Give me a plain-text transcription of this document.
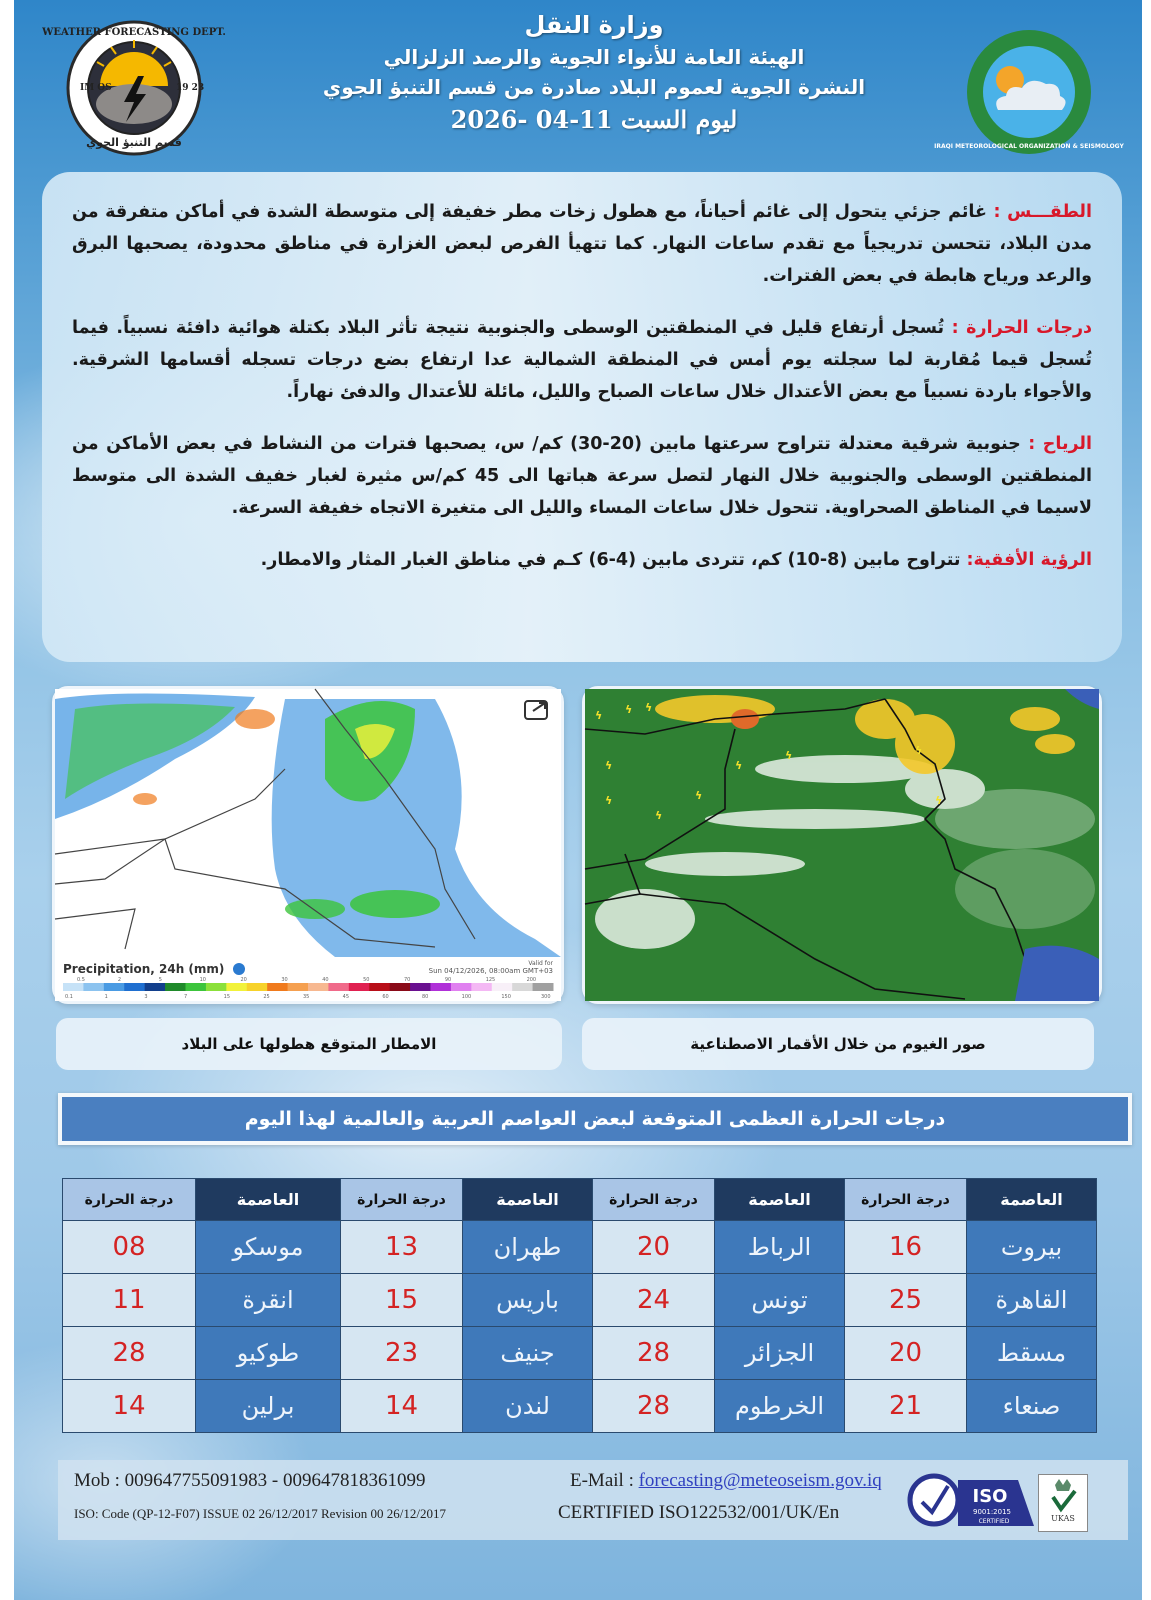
WEATHER FORECASTING DEPT.
IM OS	19 23
قسم التنبؤ الجوي
وزارة النقل
الهيئة العامة للأنواء الجوية والرصد الزلزالي
النشرة الجوية لعموم البلاد صادرة من قسم التنبؤ الجوي
ليوم السبت 11-04 -2026
IRAQI METEOROLOGICAL ORGANIZATION & SEISMOLOGY

الطقـــس : غائم جزئي يتحول إلى غائم أحياناً، مع هطول زخات مطر خفيفة إلى متوسطة الشدة في أماكن متفرقة من مدن البلاد، تتحسن تدريجياً مع تقدم ساعات النهار. كما تتهيأ الفرص لبعض الغزارة في مناطق محدودة، يصحبها البرق والرعد ورياح هابطة في بعض الفترات.

درجات الحرارة : تُسجل أرتفاع قليل في المنطقتين الوسطى والجنوبية نتيجة تأثر البلاد بكتلة هوائية دافئة نسبياً. فيما تُسجل قيما مُقاربة لما سجلته يوم أمس في المنطقة الشمالية عدا ارتفاع بضع درجات تسجله أقسامها الشرقية. والأجواء باردة نسبياً مع بعض الأعتدال خلال ساعات الصباح والليل، مائلة للأعتدال والدفئ نهاراً.

الرياح : جنوبية شرقية معتدلة تتراوح سرعتها مابين (20-30) كم/ س، يصحبها فترات من النشاط في بعض الأماكن من المنطقتين الوسطى والجنوبية خلال النهار لتصل سرعة هباتها الى 45 كم/س مثيرة لغبار خفيف الشدة الى متوسط لاسيما في المناطق الصحراوية. تتحول خلال ساعات المساء والليل الى متغيرة الاتجاه خفيفة السرعة.

الرؤية الأفقية: تتراوح مابين (8-10) كم، تتردى مابين (4-6) كـم في مناطق الغبار المثار والامطار.

Precipitation, 24h (mm)	Valid for
Sun 04/12/2026, 08:00am GMT+03
0.5	2	5	10	20	30	40	50	70	90	125	200
0.1	1	3	7	15	25	35	45	60	80	100	150	300
ϟ ϟ ϟ
ϟ
ϟ
ϟ
ϟ
ϟ
ϟ	ϟ
ϟ
الامطار المتوقع هطولها على البلاد	صور الغيوم من خلال الأقمار الاصطناعية
درجات الحرارة العظمى المتوقعة لبعض العواصم العربية والعالمية لهذا اليوم
العاصمة	درجة الحرارة	العاصمة	درجة الحرارة	العاصمة	درجة الحرارة	العاصمة	درجة الحرارة
بيروت	16	الرباط	20	طهران	13	موسكو	08
القاهرة	25	تونس	24	باريس	15	انقرة	11
مسقط	20	الجزائر	28	جنيف	23	طوكيو	28
صنعاء	21	الخرطوم	28	لندن	14	برلين	14
Mob : 009647755091983 - 009647818361099
ISO: Code (QP-12-F07) ISSUE 02 26/12/2017 Revision 00 26/12/2017
E-Mail : forecasting@meteoseism.gov.iq
CERTIFIED ISO122532/001/UK/En
ISO
9001:2015
CERTIFIED	UKAS
